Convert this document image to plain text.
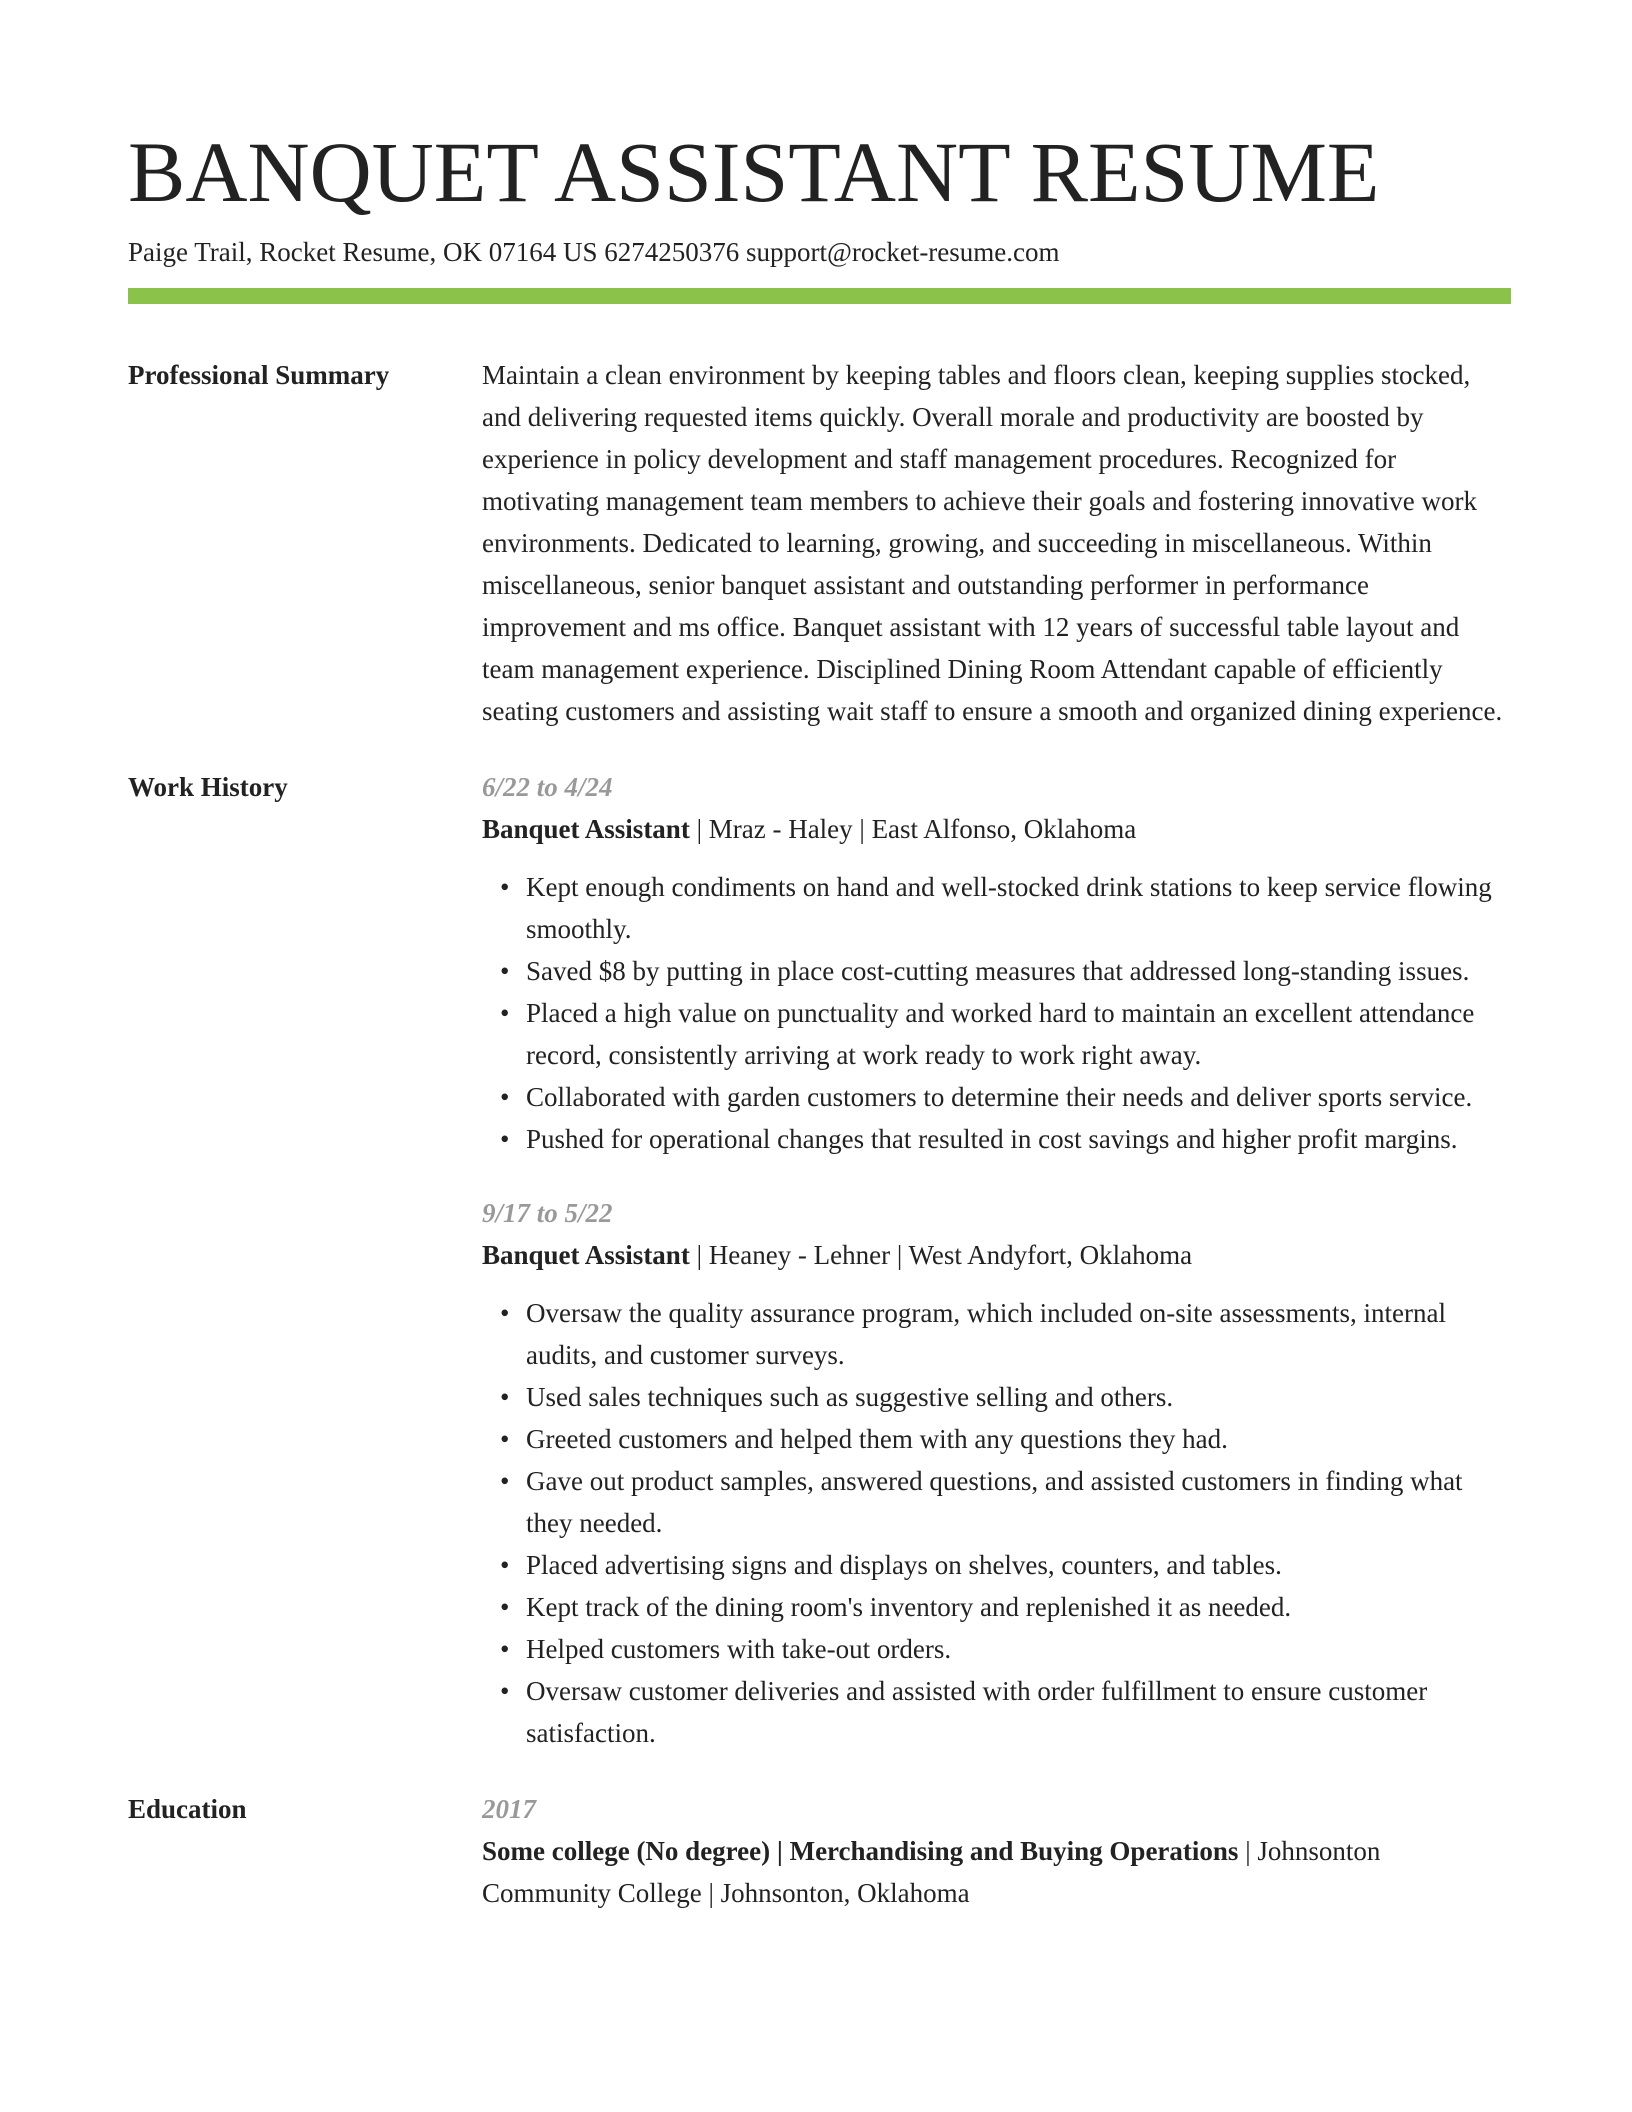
BANQUET ASSISTANT RESUME
Paige Trail, Rocket Resume, OK 07164 US 6274250376 support@rocket-resume.com
Professional Summary	Maintain a clean environment by keeping tables and floors clean, keeping supplies stocked, and delivering requested items quickly. Overall morale and productivity are boosted by experience in policy development and staff management procedures. Recognized for motivating management team members to achieve their goals and fostering innovative work environments. Dedicated to learning, growing, and succeeding in miscellaneous. Within miscellaneous, senior banquet assistant and outstanding performer in performance improvement and ms office. Banquet assistant with 12 years of successful table layout and team management experience. Disciplined Dining Room Attendant capable of efficiently seating customers and assisting wait staff to ensure a smooth and organized dining experience.

Work History	6/22 to 4/24
Banquet Assistant | Mraz - Haley | East Alfonso, Oklahoma
• Kept enough condiments on hand and well-stocked drink stations to keep service flowing smoothly.
• Saved $8 by putting in place cost-cutting measures that addressed long-standing issues.
• Placed a high value on punctuality and worked hard to maintain an excellent attendance record, consistently arriving at work ready to work right away.
• Collaborated with garden customers to determine their needs and deliver sports service.
• Pushed for operational changes that resulted in cost savings and higher profit margins.
9/17 to 5/22
Banquet Assistant | Heaney - Lehner | West Andyfort, Oklahoma
• Oversaw the quality assurance program, which included on-site assessments, internal audits, and customer surveys.
• Used sales techniques such as suggestive selling and others.
• Greeted customers and helped them with any questions they had.
• Gave out product samples, answered questions, and assisted customers in finding what they needed.
• Placed advertising signs and displays on shelves, counters, and tables.
• Kept track of the dining room's inventory and replenished it as needed.
• Helped customers with take-out orders.
• Oversaw customer deliveries and assisted with order fulfillment to ensure customer satisfaction.
Education	2017
Some college (No degree) | Merchandising and Buying Operations | Johnsonton Community College | Johnsonton, Oklahoma
